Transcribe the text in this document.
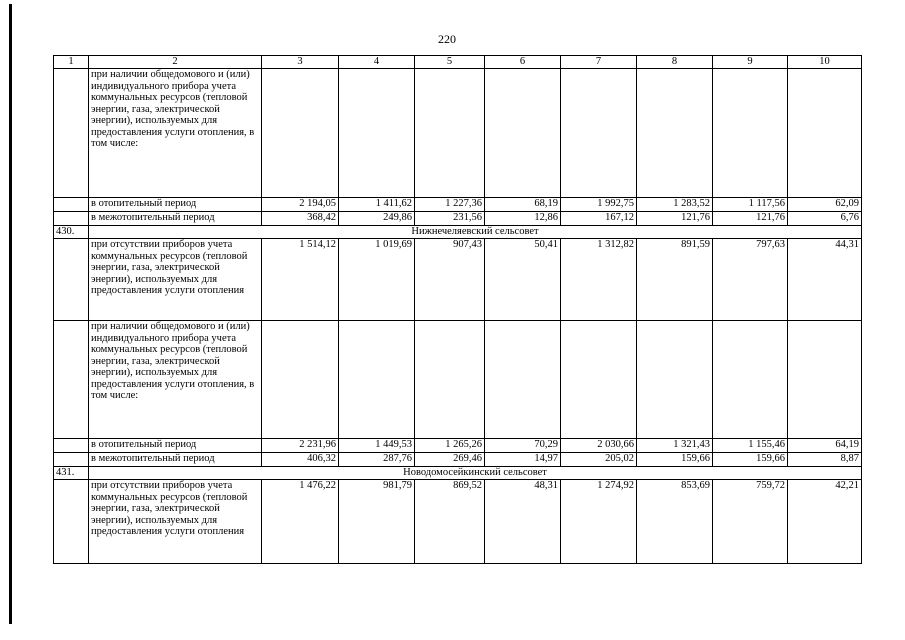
220
1	2	3	4	5	6	7	8	9	10
	при наличии общедомового и (или) индивидуального прибора учета коммунальных ресурсов (тепловой энергии, газа, электрической энергии), используемых для предоставления услуги отопления, в том числе:								
	в отопительный период	2 194,05	1 411,62	1 227,36	68,19	1 992,75	1 283,52	1 117,56	62,09
	в межотопительный период	368,42	249,86	231,56	12,86	167,12	121,76	121,76	6,76
430.	Нижнечеляевский сельсовет								
	при отсутствии приборов учета коммунальных ресурсов (тепловой энергии, газа, электрической энергии), используемых для предоставления услуги отопления	1 514,12	1 019,69	907,43	50,41	1 312,82	891,59	797,63	44,31
	при наличии общедомового и (или) индивидуального прибора учета коммунальных ресурсов (тепловой энергии, газа, электрической энергии), используемых для предоставления услуги отопления, в том числе:								
	в отопительный период	2 231,96	1 449,53	1 265,26	70,29	2 030,66	1 321,43	1 155,46	64,19
	в межотопительный период	406,32	287,76	269,46	14,97	205,02	159,66	159,66	8,87
431.	Новодомосейкинский сельсовет								
	при отсутствии приборов учета коммунальных ресурсов (тепловой энергии, газа, электрической энергии), используемых для предоставления услуги отопления	1 476,22	981,79	869,52	48,31	1 274,92	853,69	759,72	42,21
